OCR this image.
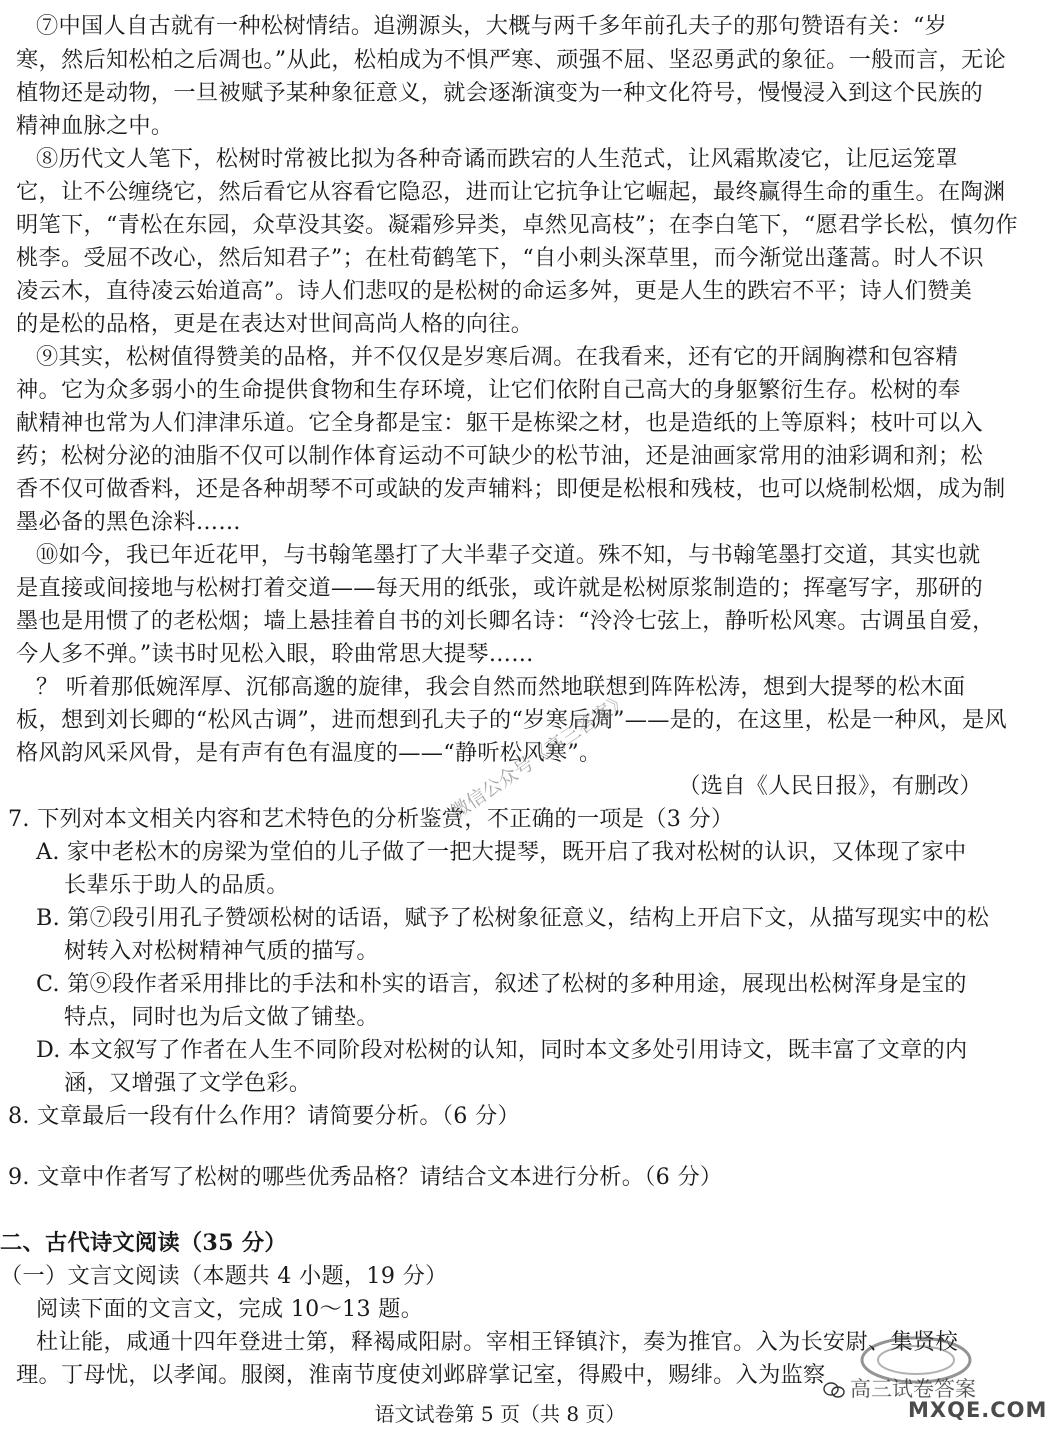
⑦中国人自古就有一种松树情结。追溯源头，大概与两千多年前孔夫子的那句赞语有关：“岁
寒，然后知松柏之后凋也。”从此，松柏成为不惧严寒、顽强不屈、坚忍勇武的象征。一般而言，无论
植物还是动物，一旦被赋予某种象征意义，就会逐渐演变为一种文化符号，慢慢浸入到这个民族的
精神血脉之中。
⑧历代文人笔下，松树时常被比拟为各种奇谲而跌宕的人生范式，让风霜欺凌它，让厄运笼罩
它，让不公缠绕它，然后看它从容看它隐忍，进而让它抗争让它崛起，最终赢得生命的重生。在陶渊
明笔下，“青松在东园，众草没其姿。凝霜殄异类，卓然见高枝”；在李白笔下，“愿君学长松，慎勿作
桃李。受屈不改心，然后知君子”；在杜荀鹤笔下，“自小刺头深草里，而今渐觉出蓬蒿。时人不识
凌云木，直待凌云始道高”。诗人们悲叹的是松树的命运多舛，更是人生的跌宕不平；诗人们赞美
的是松的品格，更是在表达对世间高尚人格的向往。
⑨其实，松树值得赞美的品格，并不仅仅是岁寒后凋。在我看来，还有它的开阔胸襟和包容精
神。它为众多弱小的生命提供食物和生存环境，让它们依附自己高大的身躯繁衍生存。松树的奉
献精神也常为人们津津乐道。它全身都是宝：躯干是栋梁之材，也是造纸的上等原料；枝叶可以入
药；松树分泌的油脂不仅可以制作体育运动不可缺少的松节油，还是油画家常用的油彩调和剂；松
香不仅可做香料，还是各种胡琴不可或缺的发声辅料；即便是松根和残枝，也可以烧制松烟，成为制
墨必备的黑色涂料……
⑩如今，我已年近花甲，与书翰笔墨打了大半辈子交道。殊不知，与书翰笔墨打交道，其实也就
是直接或间接地与松树打着交道——每天用的纸张，或许就是松树原浆制造的；挥毫写字，那研的
墨也是用惯了的老松烟；墙上悬挂着自书的刘长卿名诗：“泠泠七弦上，静听松风寒。古调虽自爱，
今人多不弹。”读书时见松入眼，聆曲常思大提琴……
？ 听着那低婉浑厚、沉郁高邈的旋律，我会自然而然地联想到阵阵松涛，想到大提琴的松木面
板，想到刘长卿的“松风古调”，进而想到孔夫子的“岁寒后凋”——是的，在这里，松是一种风，是风
格风韵风采风骨，是有声有色有温度的——“静听松风寒”。
（选自《人民日报》，有删改）
7. 下列对本文相关内容和艺术特色的分析鉴赏，不正确的一项是（3 分）
A. 家中老松木的房梁为堂伯的儿子做了一把大提琴，既开启了我对松树的认识，又体现了家中
长辈乐于助人的品质。
B. 第⑦段引用孔子赞颂松树的话语，赋予了松树象征意义，结构上开启下文，从描写现实中的松
树转入对松树精神气质的描写。
C. 第⑨段作者采用排比的手法和朴实的语言，叙述了松树的多种用途，展现出松树浑身是宝的
特点，同时也为后文做了铺垫。
D. 本文叙写了作者在人生不同阶段对松树的认知，同时本文多处引用诗文，既丰富了文章的内
涵，又增强了文学色彩。
8. 文章最后一段有什么作用？请简要分析。（6 分）
9. 文章中作者写了松树的哪些优秀品格？请结合文本进行分析。（6 分）
二、古代诗文阅读（35 分）
（一）文言文阅读（本题共 4 小题，19 分）
阅读下面的文言文，完成 10～13 题。
杜让能，咸通十四年登进士第，释褐咸阳尉。宰相王铎镇汴，奏为推官。入为长安尉、集贤校
理。丁母忧，以孝闻。服阕，淮南节度使刘邺辟掌记室，得殿中，赐绯。入为监察
语文试卷第 5 页（共 8 页）
微信公众号《高三答案》
高三试卷答案
MXQE.COM
